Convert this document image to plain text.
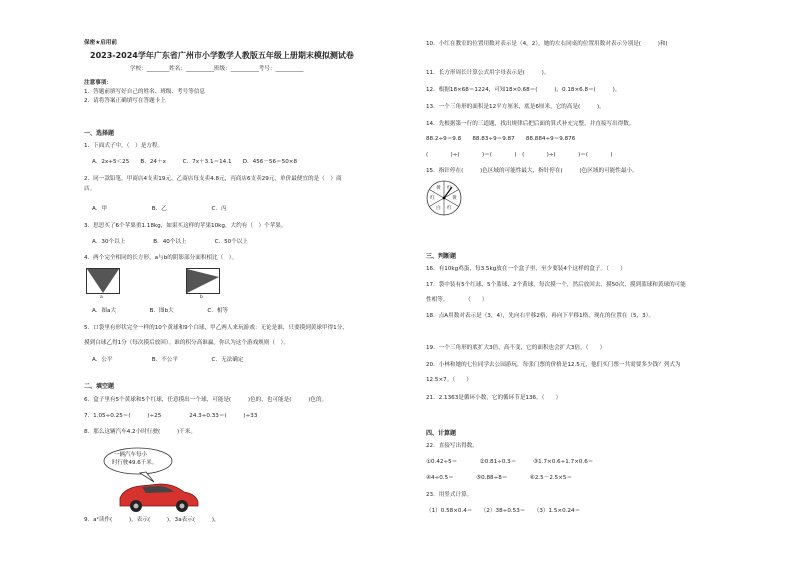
保密★启用前
2023-2024学年广东省广州市小学数学人教版五年级上册期末模拟测试卷
学校：________姓名：__________班级：__________考号：__________
注意事项：
1．答题前填写好自己的姓名、班级、考号等信息
2．请将答案正确填写在答题卡上
一、选择题
1．下面式子中，（　）是方程。
A．2x+5＜25　　B．24＋x　　　C．7x＋3.1＝14.1　　D．456－56＝50×8
2．同一款铅笔，甲商店4支卖19元，乙商店每支卖4.8元，丙商店6支卖29元，单价最便宜的是（　）商
店。
A．甲　　　　　　　　B．乙　　　　　　　　C．丙
3．思思买了6个苹果重1.18kg，如果买这样的苹果10kg，大约有（　）个苹果。
A．30个以上　　　　　B．40个以上　　　　　C．50个以上
4．两个完全相同的长方形，a与b的阴影部分面积相比（　）。
a	b
A．图a大　　　　　　B．图b大　　　　　　C．相等
5．口袋里有形状完全一样的10个黄球和9个白球，甲乙两人来玩游戏：无论是谁，只要摸到黄球甲得1分，
摸到白球乙得1分（每次摸后放回）。谁的积分高谁赢。你认为这个游戏规则（　）。
A．公平　　　　　　　B．不公平　　　　　　C．无法确定
二、填空题
6．盒子里有5个黄球和5个红球，任意摸出一个球，可能是(　　　)色的，也可能是(　　　)色的。
7．1.05÷0.25＝(　　　)÷25　　　　　24.3÷0.33＝(　　　)÷33
8．那么这辆汽车4.2小时行驶(　　　)千米。
一辆汽车每小
时行驶49.6千米。
9．a²读作(　　　)，表示(　　　)，3a表示(　　　)，
10．小红在教室的位置用数对表示是（4，2），她的左右同桌的位置用数对表示分别是(　　　)和(
11．长方形周长计算公式用字母表示是(　　　)。
12．根据18×68＝1224，可知18×0.68＝(　　　)，0.18×6.8＝(　　　)。
13．一个三角形的面积是12平方厘米，底是6厘米，它的高是(　　　)。
14．先根据第一行的三道题，找出规律后把后面的算式补充完整，并直接写出得数。
88.2÷9＝9.8　　88.83÷9＝9.87　　88.884÷9＝9.876
(　　　　)÷(　　　　)＝(　　　　)　(　　　　)÷(　　　　)＝(　　　　)
15．指针停在(　　　)色区域的可能性最大，指针停在(　　　)色区域的可能性最小。
黄 红
黄
红
白
红
三、判断题
16．有10kg鸡蛋，每3.5kg放在一个盒子里，至少要装4个这样的盒子。（　　）
17．袋中装有5个红球、5个蓝球、2个黄球，每次摸一个，然后放回去，摸50次，摸到蓝球和黄球的可能
性相等。　　　　（　　）
18．点A用数对表示是（3，4），先向右平移2格，再向下平移1格，现在的位置在（5，3）。
19．一个三角形的底扩大3倍，高不变，它的面积也会扩大3倍。（　　）
20．小林和她的七位同学去公园游玩，每张门票的价格是12.5元，他们买门票一共需要多少钱？列式为
12.5×7。（　　）
21．2.1363是循环小数，它的循环节是136。（　　）
四、计算题
22．直接写出得数。
①0.42÷5＝　　　　②0.81÷0.3＝　　　③1.7×0.6÷1.7×0.6＝
④4÷0.5＝　　　　⑤0.88÷8＝　　　　⑥2.5－2.5×5＝
23．用竖式计算。
（1）0.58×0.4＝　　（2）38÷0.53＝　　（3）1.5×0.24＝
